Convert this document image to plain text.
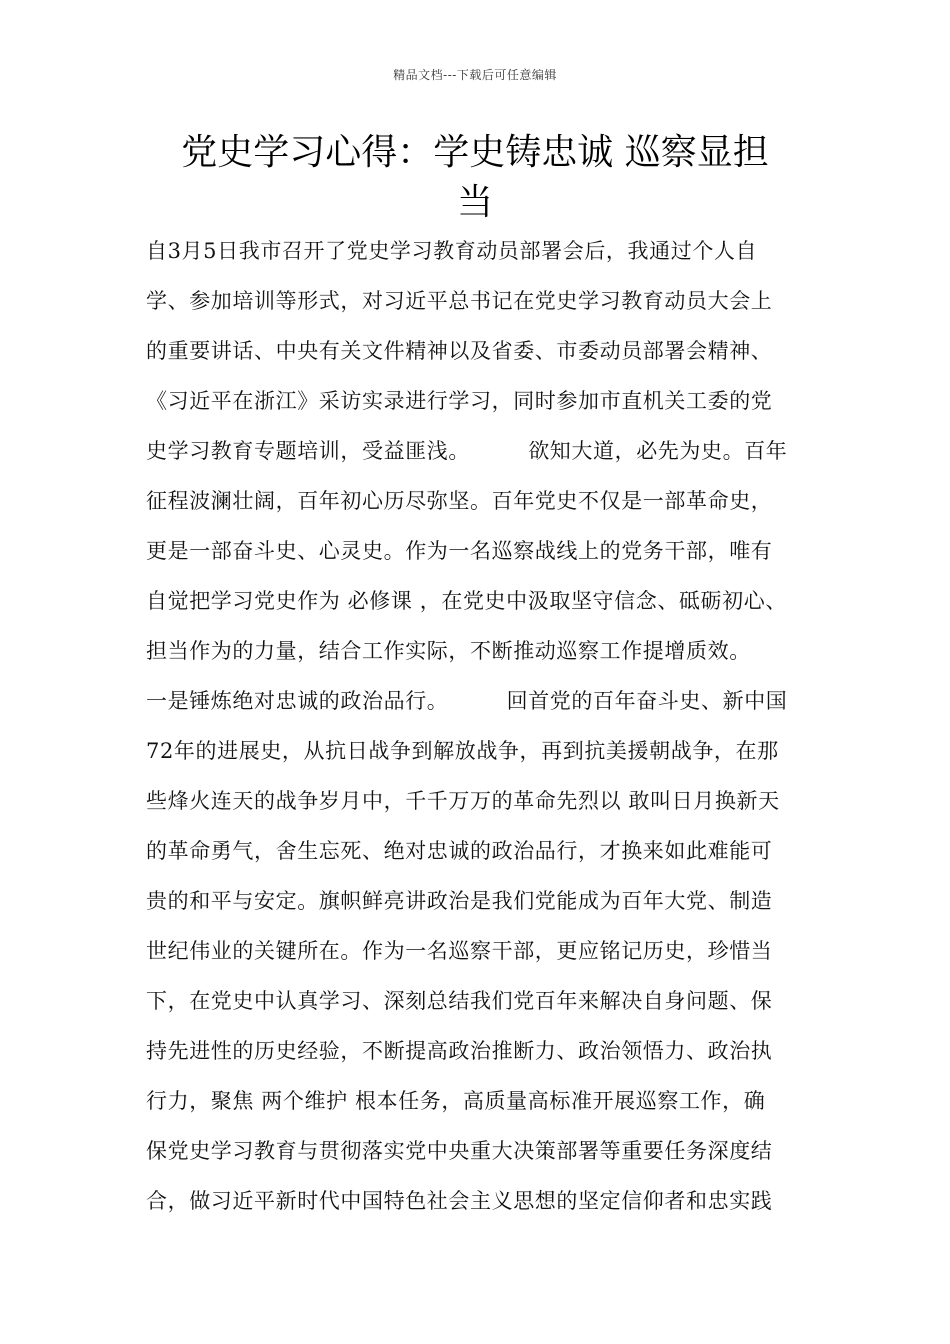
精品文档---下载后可任意编辑
党史学习心得：学史铸忠诚 巡察显担
当
自3月5日我市召开了党史学习教育动员部署会后，我通过个人自
学、参加培训等形式，对习近平总书记在党史学习教育动员大会上
的重要讲话、中央有关文件精神以及省委、市委动员部署会精神、
《习近平在浙江》采访实录进行学习，同时参加市直机关工委的党
史学习教育专题培训，受益匪浅。        欲知大道，必先为史。百年
征程波澜壮阔，百年初心历尽弥坚。百年党史不仅是一部革命史，
更是一部奋斗史、心灵史。作为一名巡察战线上的党务干部，唯有
自觉把学习党史作为 必修课 ，在党史中汲取坚守信念、砥砺初心、
担当作为的力量，结合工作实际，不断推动巡察工作提增质效。
一是锤炼绝对忠诚的政治品行。        回首党的百年奋斗史、新中国
72年的进展史，从抗日战争到解放战争，再到抗美援朝战争，在那
些烽火连天的战争岁月中，千千万万的革命先烈以 敢叫日月换新天
的革命勇气，舍生忘死、绝对忠诚的政治品行，才换来如此难能可
贵的和平与安定。旗帜鲜亮讲政治是我们党能成为百年大党、制造
世纪伟业的关键所在。作为一名巡察干部，更应铭记历史，珍惜当
下，在党史中认真学习、深刻总结我们党百年来解决自身问题、保
持先进性的历史经验，不断提高政治推断力、政治领悟力、政治执
行力，聚焦 两个维护 根本任务，高质量高标准开展巡察工作，确
保党史学习教育与贯彻落实党中央重大决策部署等重要任务深度结
合，做习近平新时代中国特色社会主义思想的坚定信仰者和忠实践
